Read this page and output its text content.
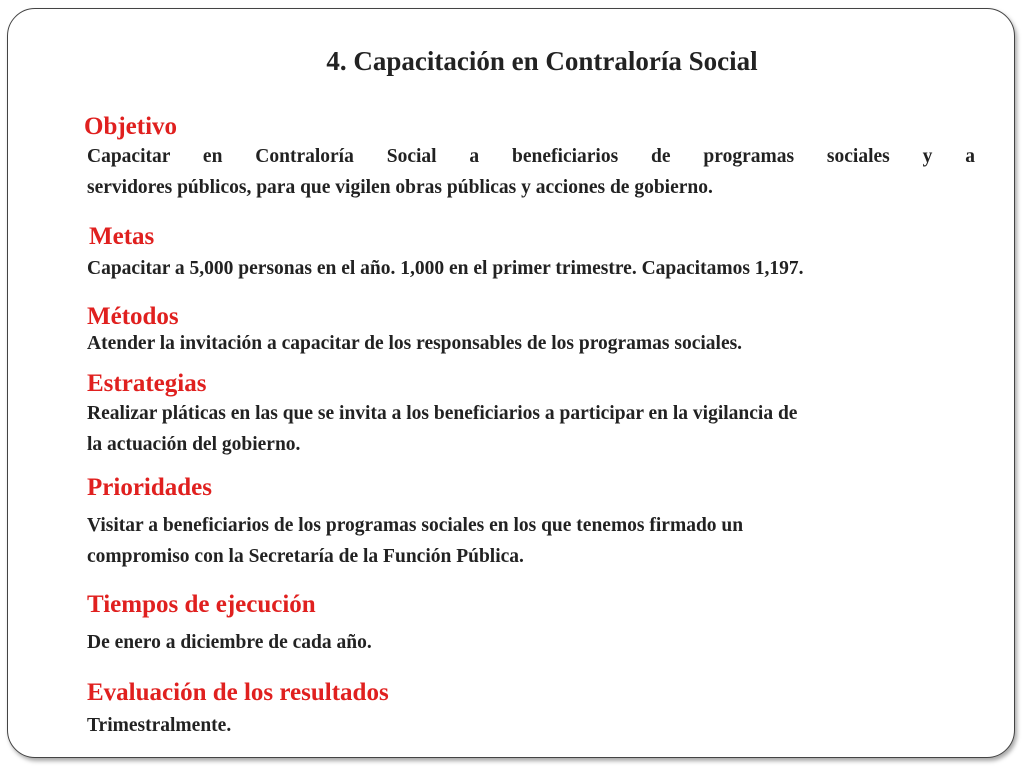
4. Capacitación en Contraloría Social
Objetivo
Capacitar en Contraloría Social a beneficiarios de programas sociales y a
servidores públicos, para que vigilen obras públicas y acciones de gobierno.
Metas
Capacitar a 5,000 personas en el año. 1,000 en el primer trimestre. Capacitamos 1,197.
Métodos
Atender la invitación a capacitar de los responsables de los programas sociales.
Estrategias
Realizar pláticas en las que se invita a los beneficiarios a participar en la vigilancia de
la actuación del gobierno.
Prioridades
Visitar a beneficiarios de los programas sociales en los que tenemos firmado un
compromiso con la Secretaría de la Función Pública.
Tiempos de ejecución
De enero a diciembre de cada año.
Evaluación de los resultados
Trimestralmente.
